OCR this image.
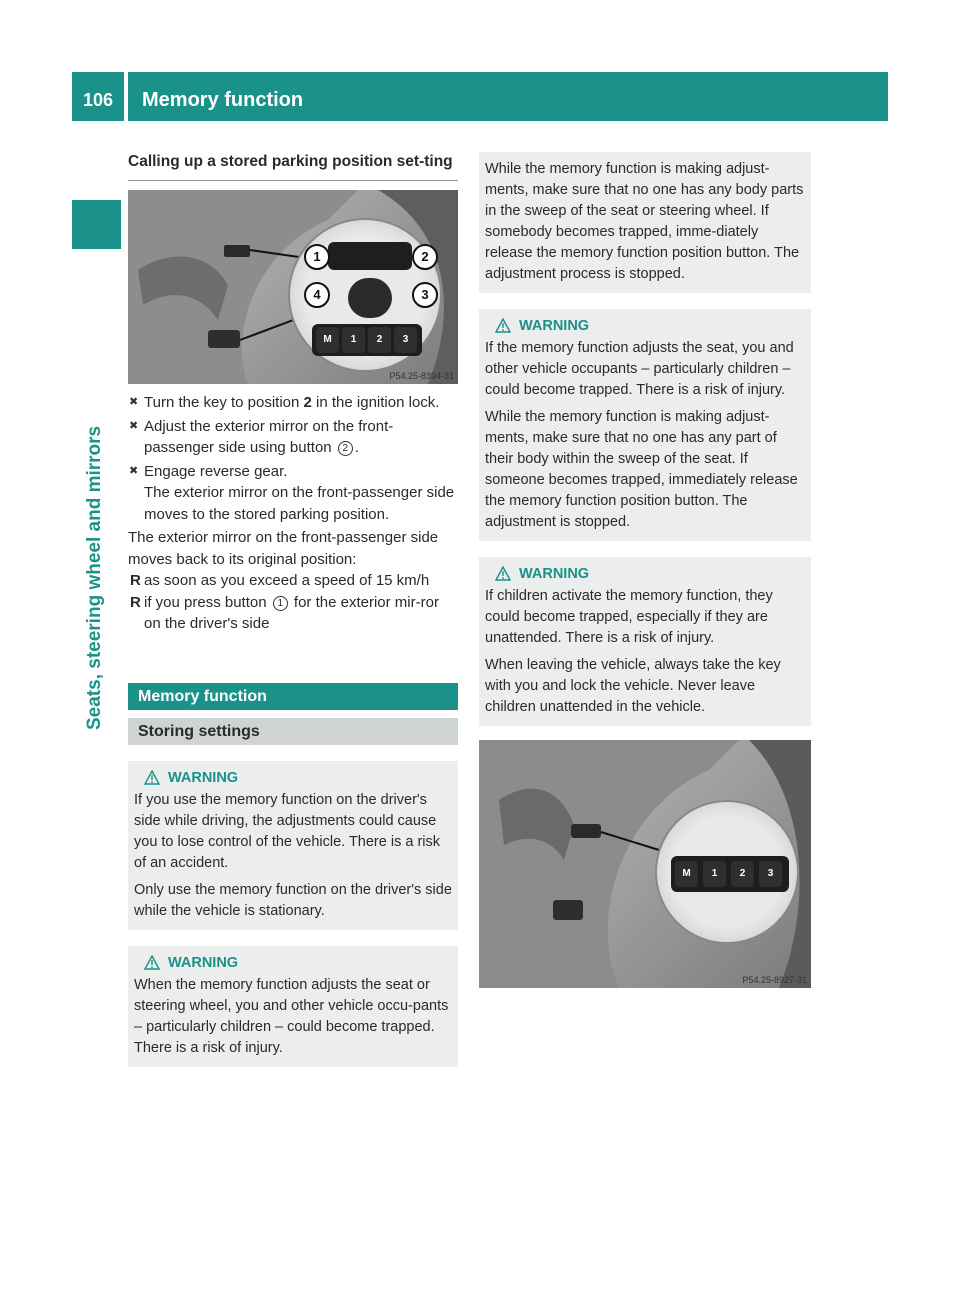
106	Memory function
Seats, steering wheel and mirrors
Calling up a stored parking position set-ting
M	1	2	3
1	2
3
4
P54.25-8394-31
✖ Turn the key to position 2 in the ignition lock.
✖ Adjust the exterior mirror on the front-passenger side using button 2 .
✖ Engage reverse gear.
The exterior mirror on the front-passenger side moves to the stored parking position.

The exterior mirror on the front-passenger side moves back to its original position:

R as soon as you exceed a speed of 15 km/h
R if you press button 1 for the exterior mir-ror on the driver's side
Memory function
Storing settings
WARNING

If you use the memory function on the driver's side while driving, the adjustments could cause you to lose control of the vehicle. There is a risk of an accident.

Only use the memory function on the driver's side while the vehicle is stationary.

WARNING

When the memory function adjusts the seat or steering wheel, you and other vehicle occu-pants – particularly children – could become trapped. There is a risk of injury.

While the memory function is making adjust-ments, make sure that no one has any body parts in the sweep of the seat or steering wheel. If somebody becomes trapped, imme-diately release the memory function position button. The adjustment process is stopped.

WARNING

If the memory function adjusts the seat, you and other vehicle occupants – particularly children – could become trapped. There is a risk of injury.

While the memory function is making adjust-ments, make sure that no one has any part of their body within the sweep of the seat. If someone becomes trapped, immediately release the memory function position button. The adjustment is stopped.

WARNING

If children activate the memory function, they could become trapped, especially if they are unattended. There is a risk of injury.

When leaving the vehicle, always take the key with you and lock the vehicle. Never leave children unattended in the vehicle.

M	1	2	3
P54.25-8927-31
